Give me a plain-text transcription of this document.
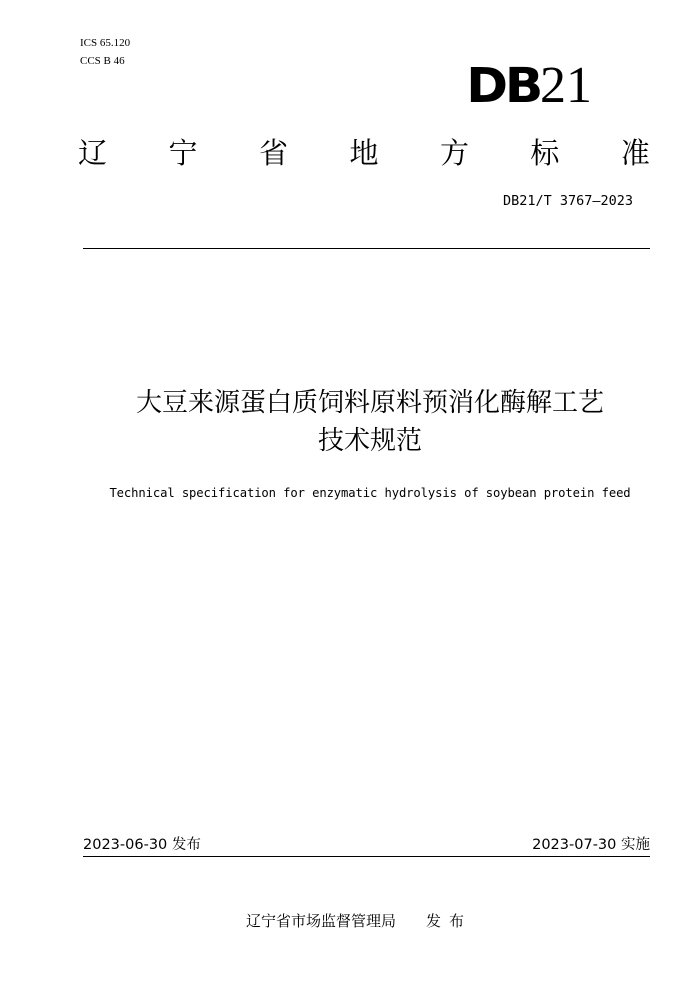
ICS 65.120
CCS B 46	DB 21
辽 宁 省 地 方 标 准
DB21/T 3767—2023
大豆来源蛋白质饲料原料预消化酶解工艺
技术规范
Technical specification for enzymatic hydrolysis of soybean protein feed
2023-06-30 发布	2023-07-30 实施
辽宁省市场监督管理局 发布
